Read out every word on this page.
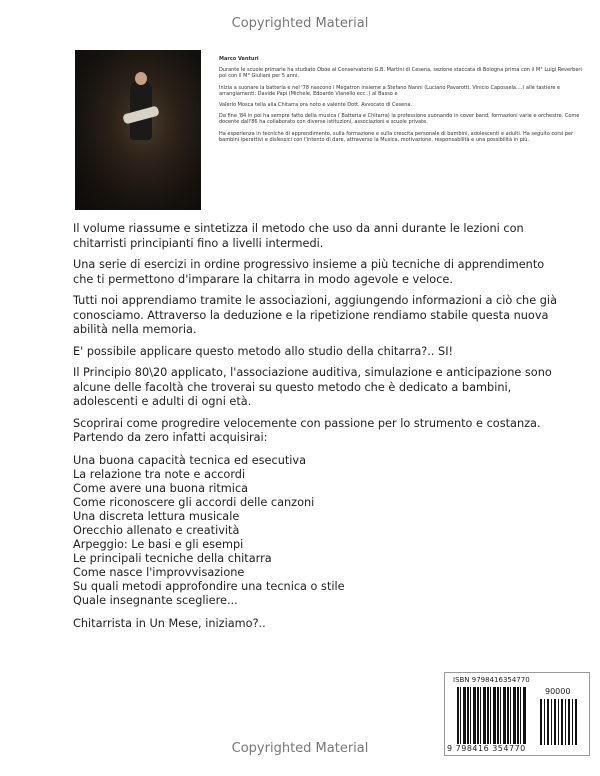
Copyrighted Material

Marco Venturi

Durante le scuole primarie ha studiato Oboe al Conservatorio G.B. Martini di Cesena, sezione staccata di Bologna prima con il M° Luigi Reverberi poi con il M° Giuliani per 5 anni.

Inizia a suonare la batteria e nel '78 nascono i Megatron insieme a Stefano Nanni (Luciano Pavarotti, Vinicio Capossela....) alle tastiere e arrangiamenti; Davide Papi (Michele, Edoardo Vianello ecc..) al Basso e

Valerio Mosca tella alla Chitarra ora noto e valente Dott. Avvocato di Cesena.

Da fine '84 in poi ha sempre fatto della musica ( Batteria e Chitarra) la professione suonando in cover band, formazioni varie e orchestre. Come docente dall'86 ha collaborato con diverse istituzioni, associazioni e scuole private.

Ha esperienza in tecniche di apprendimento, sulla formazione e sulla crescita personale di bambini, adolescenti e adulti. Ha seguito corsi per bambini iperattivi e dislessici con l'intento di dare, attraverso la Musica, motivazione, responsabilità e una possibilità in più.

Il volume riassume e sintetizza il metodo che uso da anni durante le lezioni con chitarristi principianti fino a livelli intermedi.

Una serie di esercizi in ordine progressivo insieme a più tecniche di apprendimento che ti permettono d'imparare la chitarra in modo agevole e veloce.

Tutti noi apprendiamo tramite le associazioni, aggiungendo informazioni a ciò che già conosciamo. Attraverso la deduzione e la ripetizione rendiamo stabile questa nuova abilità nella memoria.

E' possibile applicare questo metodo allo studio della chitarra?.. SI!

Il Principio 80\20 applicato, l'associazione auditiva, simulazione e anticipazione sono alcune delle facoltà che troverai su questo metodo che è dedicato a bambini, adolescenti e adulti di ogni età.

Scoprirai come progredire velocemente con passione per lo strumento e costanza.
Partendo da zero infatti acquisirai:

Una buona capacità tecnica ed esecutiva
La relazione tra note e accordi
Come avere una buona ritmica
Come riconoscere gli accordi delle canzoni
Una discreta lettura musicale
Orecchio allenato e creatività
Arpeggio: Le basi e gli esempi
Le principali tecniche della chitarra
Come nasce l'improvvisazione
Su quali metodi approfondire una tecnica o stile
Quale insegnante scegliere...

Chitarrista in Un Mese, iniziamo?..

ISBN 9798416354770
90000
9 798416 354770
Copyrighted Material
